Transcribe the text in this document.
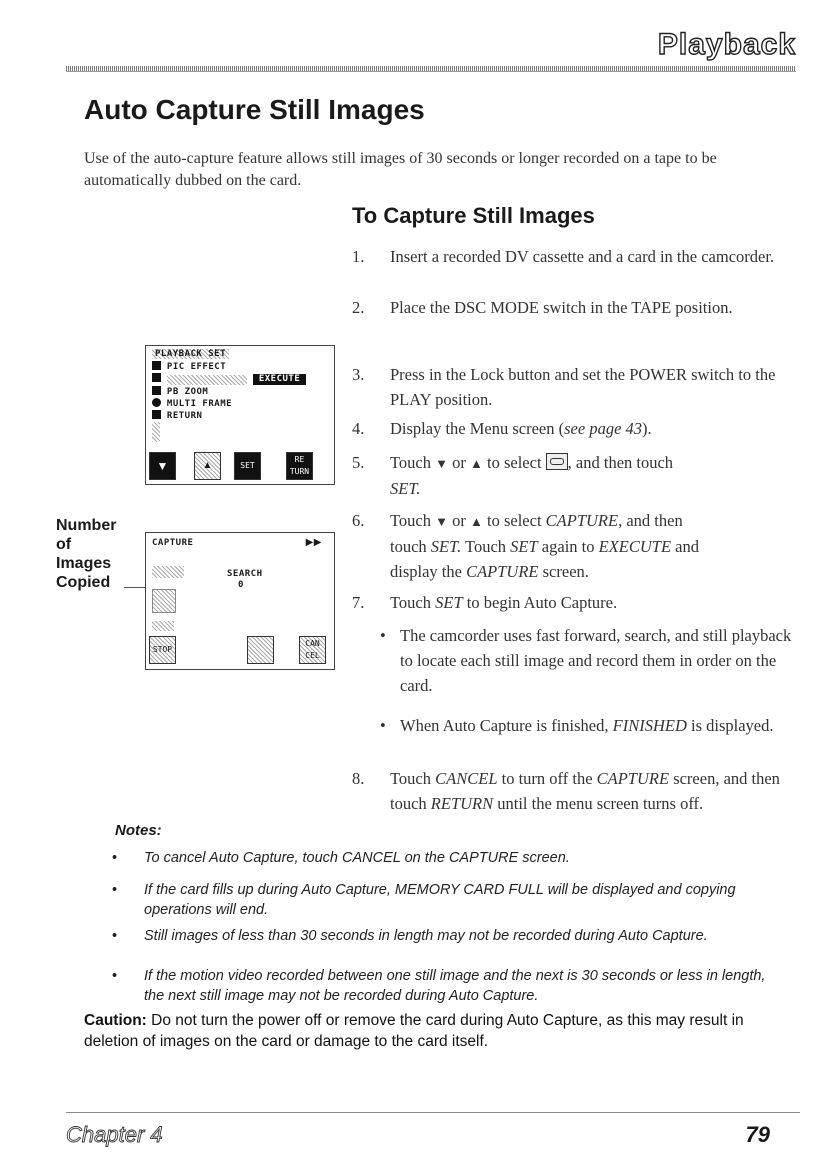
Playback
Auto Capture Still Images

Use of the auto-capture feature allows still images of 30 seconds or longer recorded on a tape to be automatically dubbed on the card.

To Capture Still Images
1. Insert a recorded DV cassette and a card in the camcorder.
2. Place the DSC MODE switch in the TAPE position.
3. Press in the Lock button and set the POWER switch to the PLAY position.
4. Display the Menu screen (see page 43).
5. Touch ▼ or ▲ to select , and then touch
SET.
6. Touch ▼ or ▲ to select CAPTURE, and then
touch SET. Touch SET again to EXECUTE and
display the CAPTURE screen.
7. Touch SET to begin Auto Capture.
• The camcorder uses fast forward, search, and still playback to locate each still image and record them in order on the card.
• When Auto Capture is finished, FINISHED is displayed.
8. Touch CANCEL to turn off the CAPTURE screen, and then touch RETURN until the menu screen turns off.
PLAYBACK SET
PIC EFFECT
EXECUTE
PB ZOOM
MULTI FRAME
RETURN
▼	▲	SET
RE
TURN
Number
of
Images
Copied
CAPTURE	▶▶
SEARCH
0
STOP
CAN
CEL

Notes:

• To cancel Auto Capture, touch CANCEL on the CAPTURE screen.
• If the card fills up during Auto Capture, MEMORY CARD FULL will be displayed and copying operations will end.
• Still images of less than 30 seconds in length may not be recorded during Auto Capture.
• If the motion video recorded between one still image and the next is 30 seconds or less in length, the next still image may not be recorded during Auto Capture.

Caution: Do not turn the power off or remove the card during Auto Capture, as this may result in deletion of images on the card or damage to the card itself.

Chapter 4	79
